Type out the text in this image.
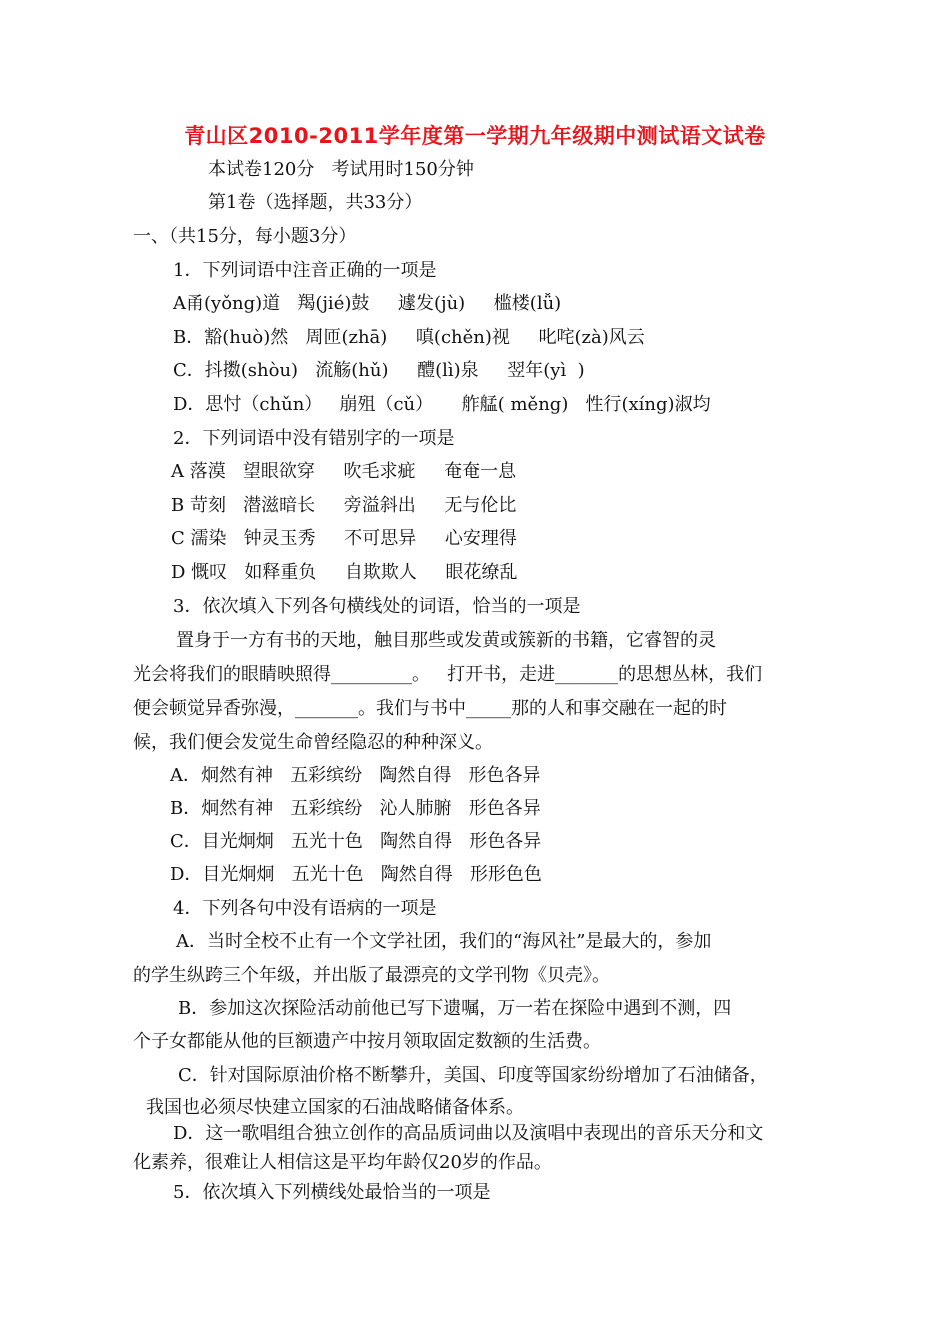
青山区2010-2011学年度第一学期九年级期中测试语文试卷
本试卷120分   考试用时150分钟
第1卷（选择题，共33分）
一、（共15分，每小题3分）
1．下列词语中注音正确的一项是
A甬(yǒng)道   羯(jié)鼓     遽发(jù)     槛楼(lǚ)
B．豁(huò)然   周匝(zhā)     嗔(chěn)视     叱咤(zà)风云
C．抖擞(shòu)   流觞(hǔ)     醴(lì)泉     翌年(yì  )
D．思忖（chǔn）   崩殂（cǔ）     舴艋( měng)   性行(xíng)淑均
2．下列词语中没有错别字的一项是
A 落漠   望眼欲穿     吹毛求疵     奄奄一息
B 苛刻   潜滋暗长     旁溢斜出     无与伦比
C 濡染   钟灵玉秀     不可思异     心安理得
D 慨叹   如释重负     自欺欺人     眼花缭乱
3．依次填入下列各句横线处的词语，恰当的一项是
置身于一方有书的天地，触目那些或发黄或簇新的书籍，它睿智的灵
光会将我们的眼睛映照得_________。   打开书，走进_______的思想丛林，我们
便会顿觉异香弥漫，_______。我们与书中_____那的人和事交融在一起的时
候，我们便会发觉生命曾经隐忍的种种深义。
A．炯然有神   五彩缤纷   陶然自得   形色各异
B．炯然有神   五彩缤纷   沁人肺腑   形色各异
C．目光炯炯   五光十色   陶然自得   形色各异
D．目光炯炯   五光十色   陶然自得   形形色色
4．下列各句中没有语病的一项是
A．当时全校不止有一个文学社团，我们的“海风社”是最大的，参加
的学生纵跨三个年级，并出版了最漂亮的文学刊物《贝壳》。
B．参加这次探险活动前他已写下遗嘱，万一若在探险中遇到不测，四
个子女都能从他的巨额遗产中按月领取固定数额的生活费。
C．针对国际原油价格不断攀升，美国、印度等国家纷纷增加了石油储备，
我国也必须尽快建立国家的石油战略储备体系。
D．这一歌唱组合独立创作的高品质词曲以及演唱中表现出的音乐天分和文
化素养，很难让人相信这是平均年龄仅20岁的作品。
5．依次填入下列横线处最恰当的一项是
